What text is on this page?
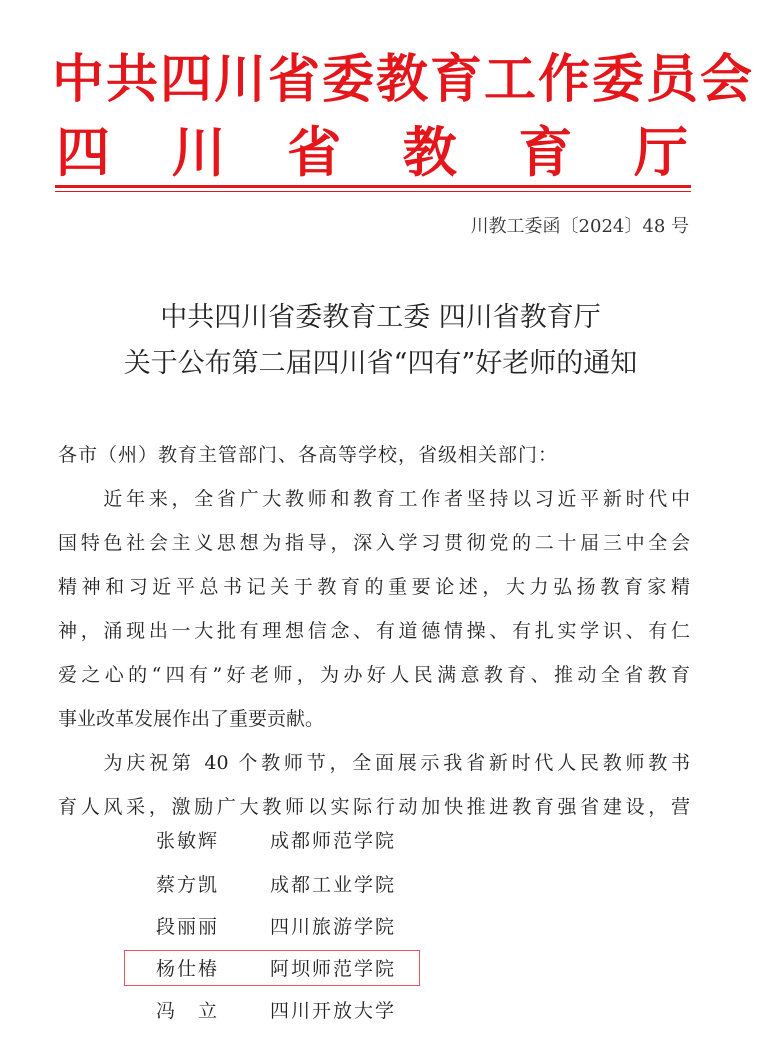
中共四川省委教育工作委员会
四 川 省 教 育 厅
川教工委函〔2024〕48 号
中共四川省委教育工委 四川省教育厅
关于公布第二届四川省“四有”好老师的通知
各市（州）教育主管部门、各高等学校，省级相关部门：
　　近年来，全省广大教师和教育工作者坚持以习近平新时代中
国特色社会主义思想为指导，深入学习贯彻党的二十届三中全会
精神和习近平总书记关于教育的重要论述，大力弘扬教育家精
神，涌现出一大批有理想信念、有道德情操、有扎实学识、有仁
爱之心的“四有”好老师，为办好人民满意教育、推动全省教育
事业改革发展作出了重要贡献。
　　为庆祝第 40 个教师节，全面展示我省新时代人民教师教书
育人风采，激励广大教师以实际行动加快推进教育强省建设，营
张敏辉	成都师范学院
蔡方凯	成都工业学院
段丽丽	四川旅游学院
杨仕椿	阿坝师范学院
冯　立	四川开放大学
